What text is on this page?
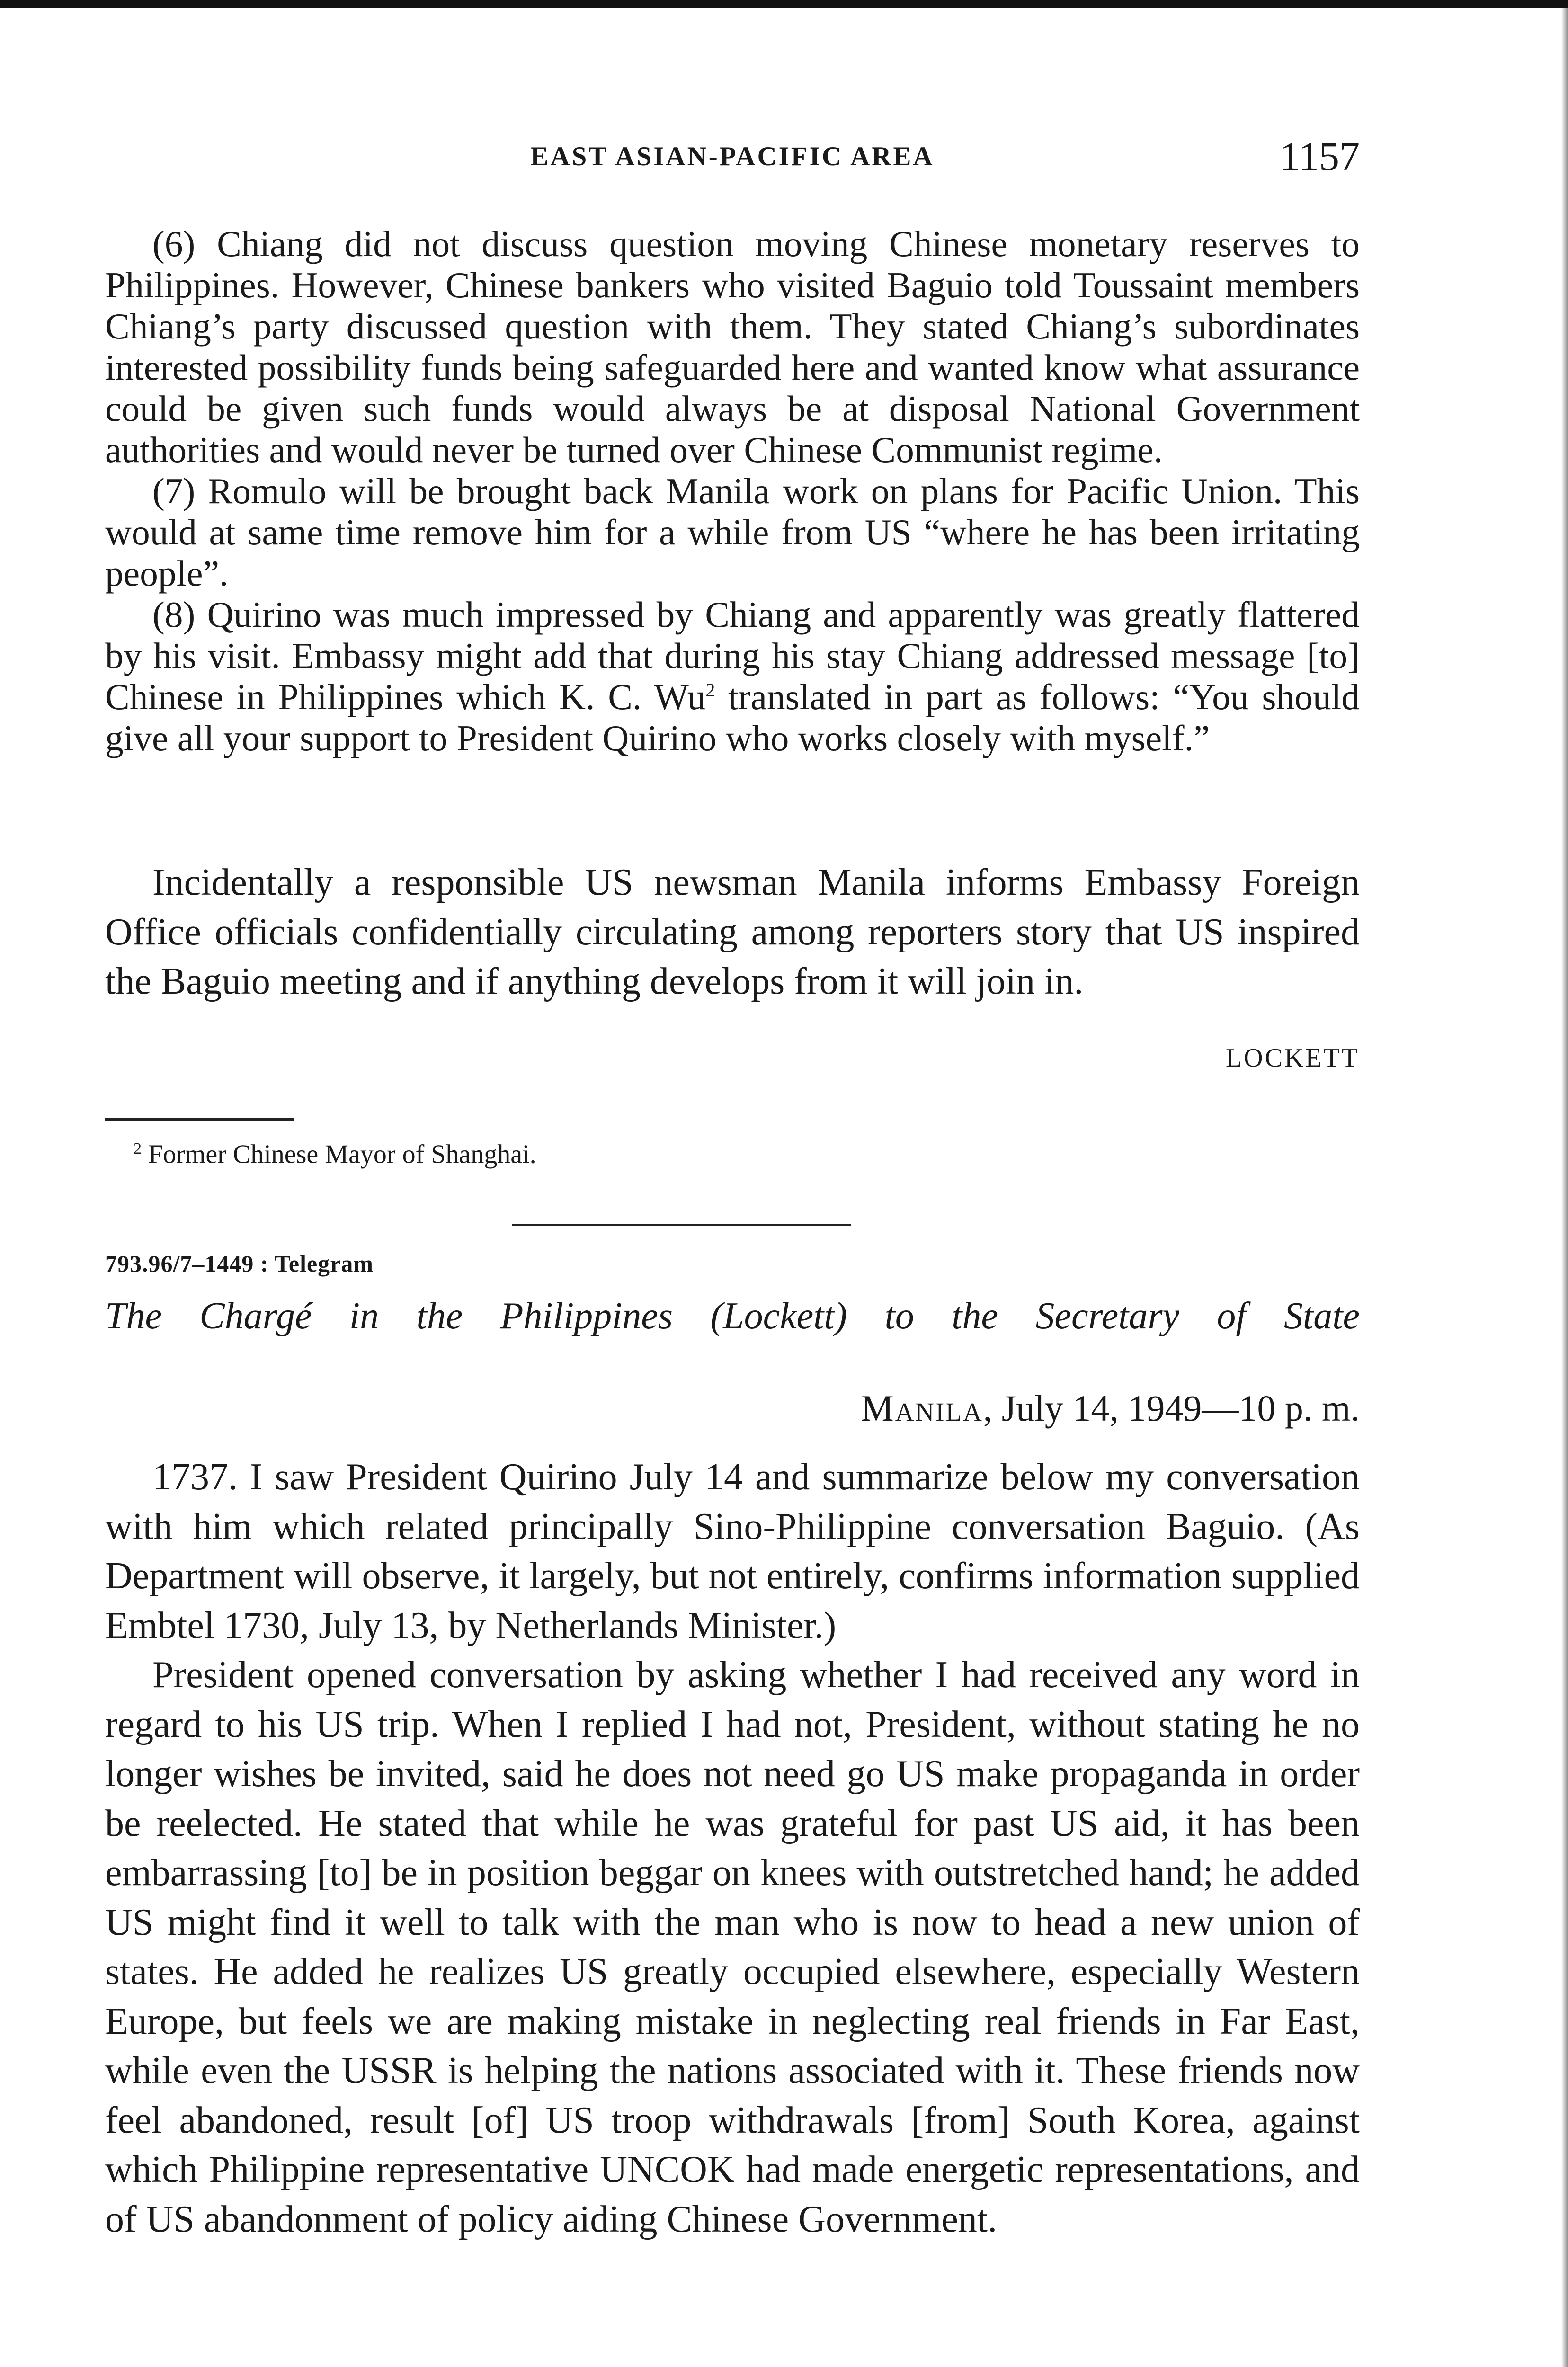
EAST ASIAN-PACIFIC AREA	1157

(6) Chiang did not discuss question moving Chinese monetary reserves to Philippines. However, Chinese bankers who visited Baguio told Toussaint members Chiang’s party discussed question with them. They stated Chiang’s subordinates interested possibility funds being safeguarded here and wanted know what assurance could be given such funds would always be at disposal National Government authorities and would never be turned over Chinese Communist regime.

(7) Romulo will be brought back Manila work on plans for Pacific Union. This would at same time remove him for a while from US “where he has been irritating people”.

(8) Quirino was much impressed by Chiang and apparently was greatly flattered by his visit. Embassy might add that during his stay Chiang addressed message [to] Chinese in Philippines which K. C. Wu$^2$ translated in part as follows: “You should give all your support to President Quirino who works closely with myself.”

Incidentally a responsible US newsman Manila informs Embassy Foreign Office officials confidentially circulating among reporters story that US inspired the Baguio meeting and if anything develops from it will join in.

LOCKETT
$^2$ Former Chinese Mayor of Shanghai.
793.96/7–1449 : Telegram
The Chargé in the Philippines (Lockett) to the Secretary of State
Manila, July 14, 1949—10 p. m.

1737. I saw President Quirino July 14 and summarize below my conversation with him which related principally Sino-Philippine conversation Baguio. (As Department will observe, it largely, but not entirely, confirms information supplied Embtel 1730, July 13, by Netherlands Minister.)

President opened conversation by asking whether I had received any word in regard to his US trip. When I replied I had not, President, without stating he no longer wishes be invited, said he does not need go US make propaganda in order be reelected. He stated that while he was grateful for past US aid, it has been embarrassing [to] be in position beggar on knees with outstretched hand; he added US might find it well to talk with the man who is now to head a new union of states. He added he realizes US greatly occupied elsewhere, especially Western Europe, but feels we are making mistake in neglecting real friends in Far East, while even the USSR is helping the nations associated with it. These friends now feel abandoned, result [of] US troop withdrawals [from] South Korea, against which Philippine representative UNCOK had made energetic representations, and of US abandonment of policy aiding Chinese Government.
